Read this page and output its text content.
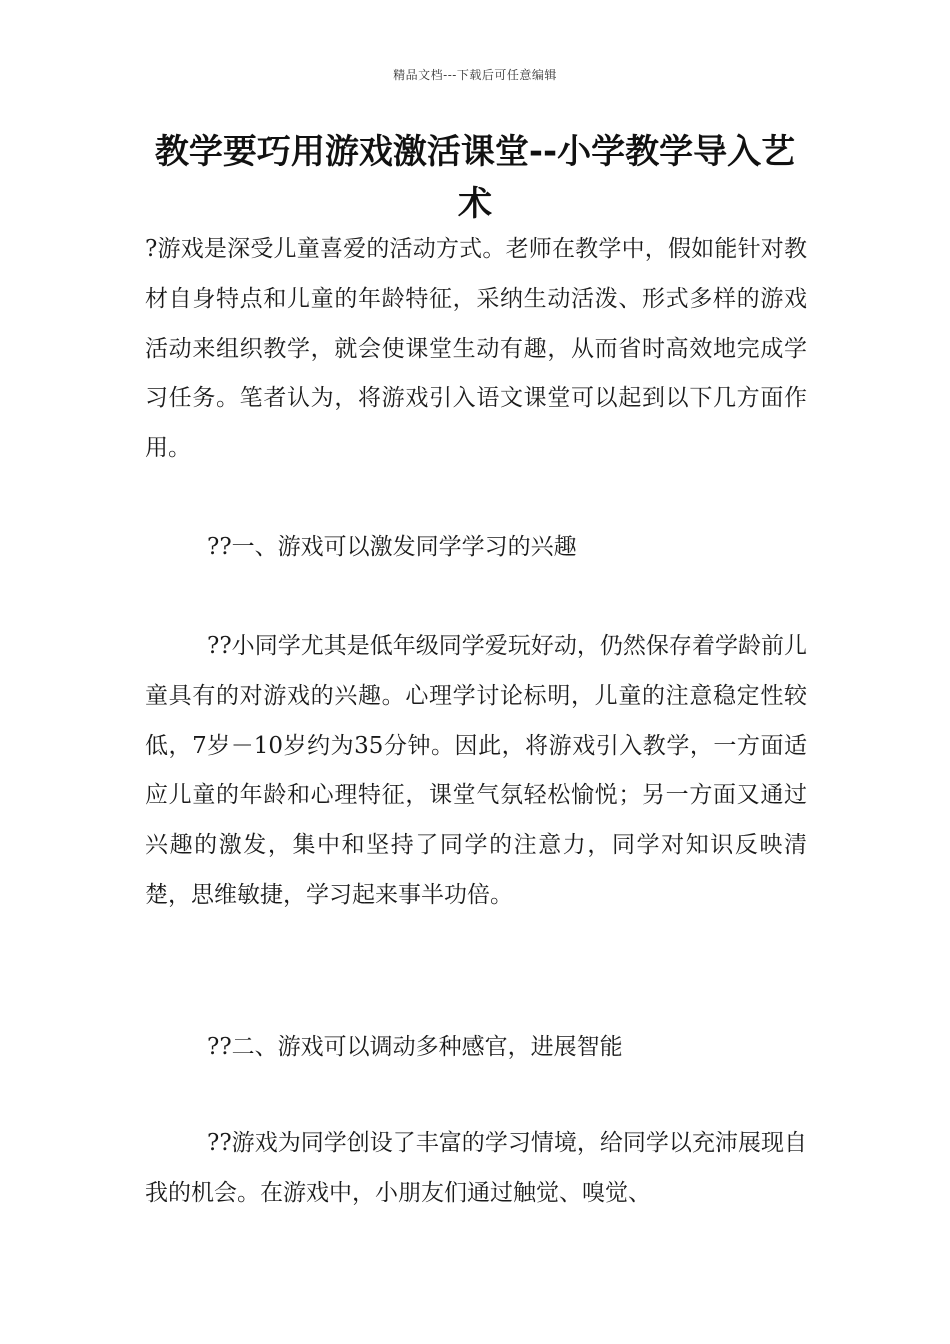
精品文档---下载后可任意编辑
教学要巧用游戏激活课堂--小学教学导入艺术

?游戏是深受儿童喜爱的活动方式。老师在教学中，假如能针对教材自身特点和儿童的年龄特征，采纳生动活泼、形式多样的游戏活动来组织教学，就会使课堂生动有趣，从而省时高效地完成学习任务。笔者认为，将游戏引入语文课堂可以起到以下几方面作用。

??一、游戏可以激发同学学习的兴趣

??小同学尤其是低年级同学爱玩好动，仍然保存着学龄前儿童具有的对游戏的兴趣。心理学讨论标明，儿童的注意稳定性较低，7岁－10岁约为35分钟。因此，将游戏引入教学，一方面适应儿童的年龄和心理特征，课堂气氛轻松愉悦；另一方面又通过兴趣的激发，集中和坚持了同学的注意力，同学对知识反映清楚，思维敏捷，学习起来事半功倍。

??二、游戏可以调动多种感官，进展智能

??游戏为同学创设了丰富的学习情境，给同学以充沛展现自我的机会。在游戏中，小朋友们通过触觉、嗅觉、
